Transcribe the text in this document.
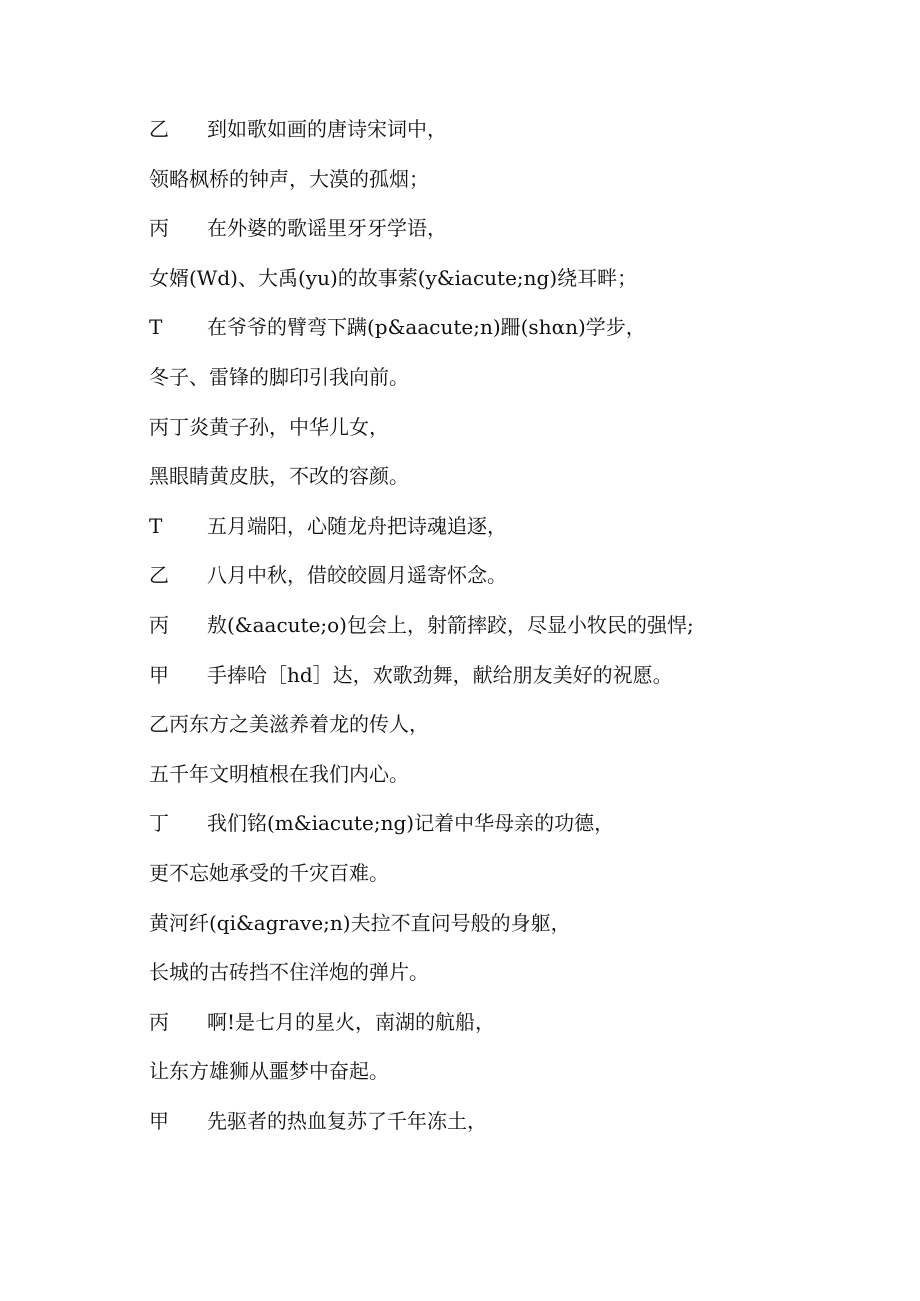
乙	到如歌如画的唐诗宋词中，
领略枫桥的钟声，大漠的孤烟；
丙	在外婆的歌谣里牙牙学语，
女婿(Wd)、大禹(yu)的故事萦(y&iacute;ng)绕耳畔；
T	在爷爷的臂弯下蹒(p&aacute;n)跚(shαn)学步，
冬子、雷锋的脚印引我向前。
丙丁炎黄子孙，中华儿女，
黑眼睛黄皮肤，不改的容颜。
T	五月端阳，心随龙舟把诗魂追逐，
乙	八月中秋，借皎皎圆月遥寄怀念。
丙	敖(&aacute;o)包会上，射箭摔跤，尽显小牧民的强悍;
甲	手捧哈［hd］达，欢歌劲舞，献给朋友美好的祝愿。
乙丙东方之美滋养着龙的传人，
五千年文明植根在我们内心。
丁	我们铭(m&iacute;ng)记着中华母亲的功德，
更不忘她承受的千灾百难。
黄河纤(qi&agrave;n)夫拉不直问号般的身躯，
长城的古砖挡不住洋炮的弹片。
丙	啊!是七月的星火，南湖的航船，
让东方雄狮从噩梦中奋起。
甲	先驱者的热血复苏了千年冻土，
